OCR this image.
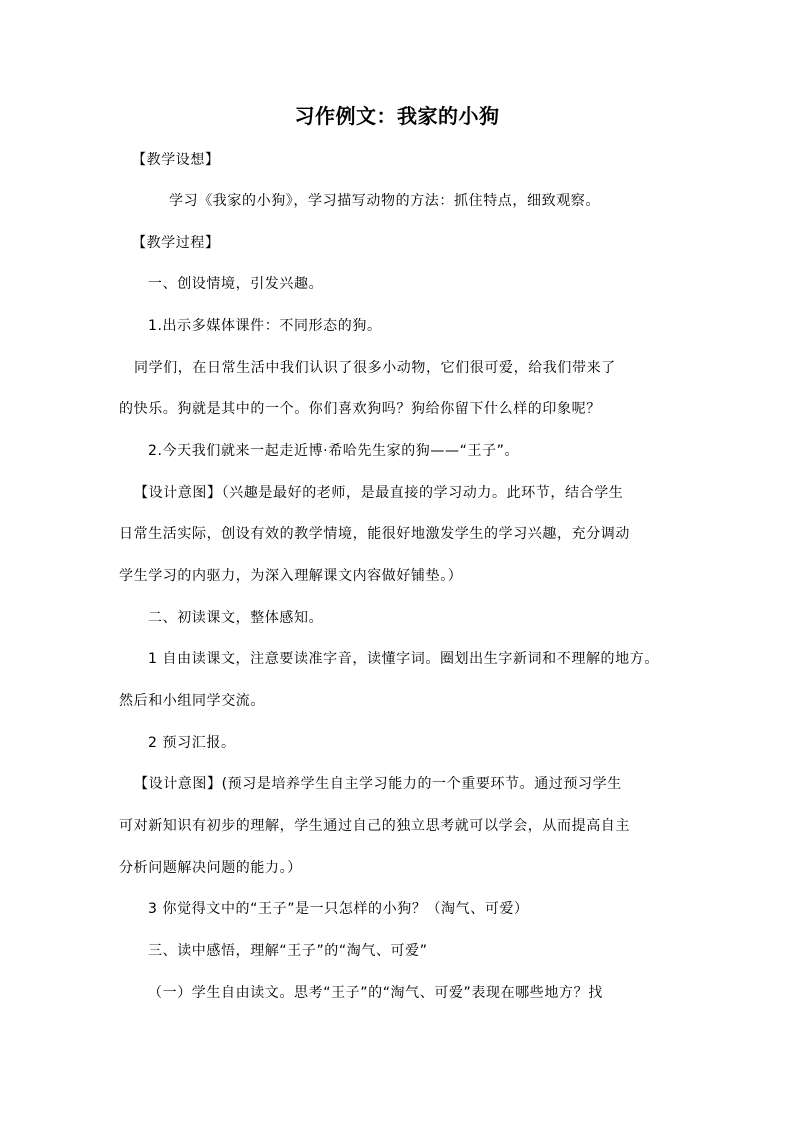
习作例文：我家的小狗
【教学设想】
学习《我家的小狗》，学习描写动物的方法：抓住特点，细致观察。
【教学过程】
一、创设情境，引发兴趣。
1.出示多媒体课件：不同形态的狗。
同学们，在日常生活中我们认识了很多小动物，它们很可爱，给我们带来了
的快乐。狗就是其中的一个。你们喜欢狗吗？狗给你留下什么样的印象呢？
2.今天我们就来一起走近博·希哈先生家的狗——“王子”。
【设计意图】（兴趣是最好的老师，是最直接的学习动力。此环节，结合学生
日常生活实际，创设有效的教学情境，能很好地激发学生的学习兴趣，充分调动
学生学习的内驱力，为深入理解课文内容做好铺垫。）
二、初读课文，整体感知。
1 自由读课文，注意要读准字音，读懂字词。圈划出生字新词和不理解的地方。
然后和小组同学交流。
2 预习汇报。
【设计意图】(预习是培养学生自主学习能力的一个重要环节。通过预习学生
可对新知识有初步的理解，学生通过自己的独立思考就可以学会，从而提高自主
分析问题解决问题的能力。）
3 你觉得文中的“王子”是一只怎样的小狗？（淘气、可爱）
三、读中感悟，理解“王子”的“淘气、可爱”
（一）学生自由读文。思考“王子”的“淘气、可爱”表现在哪些地方？找
